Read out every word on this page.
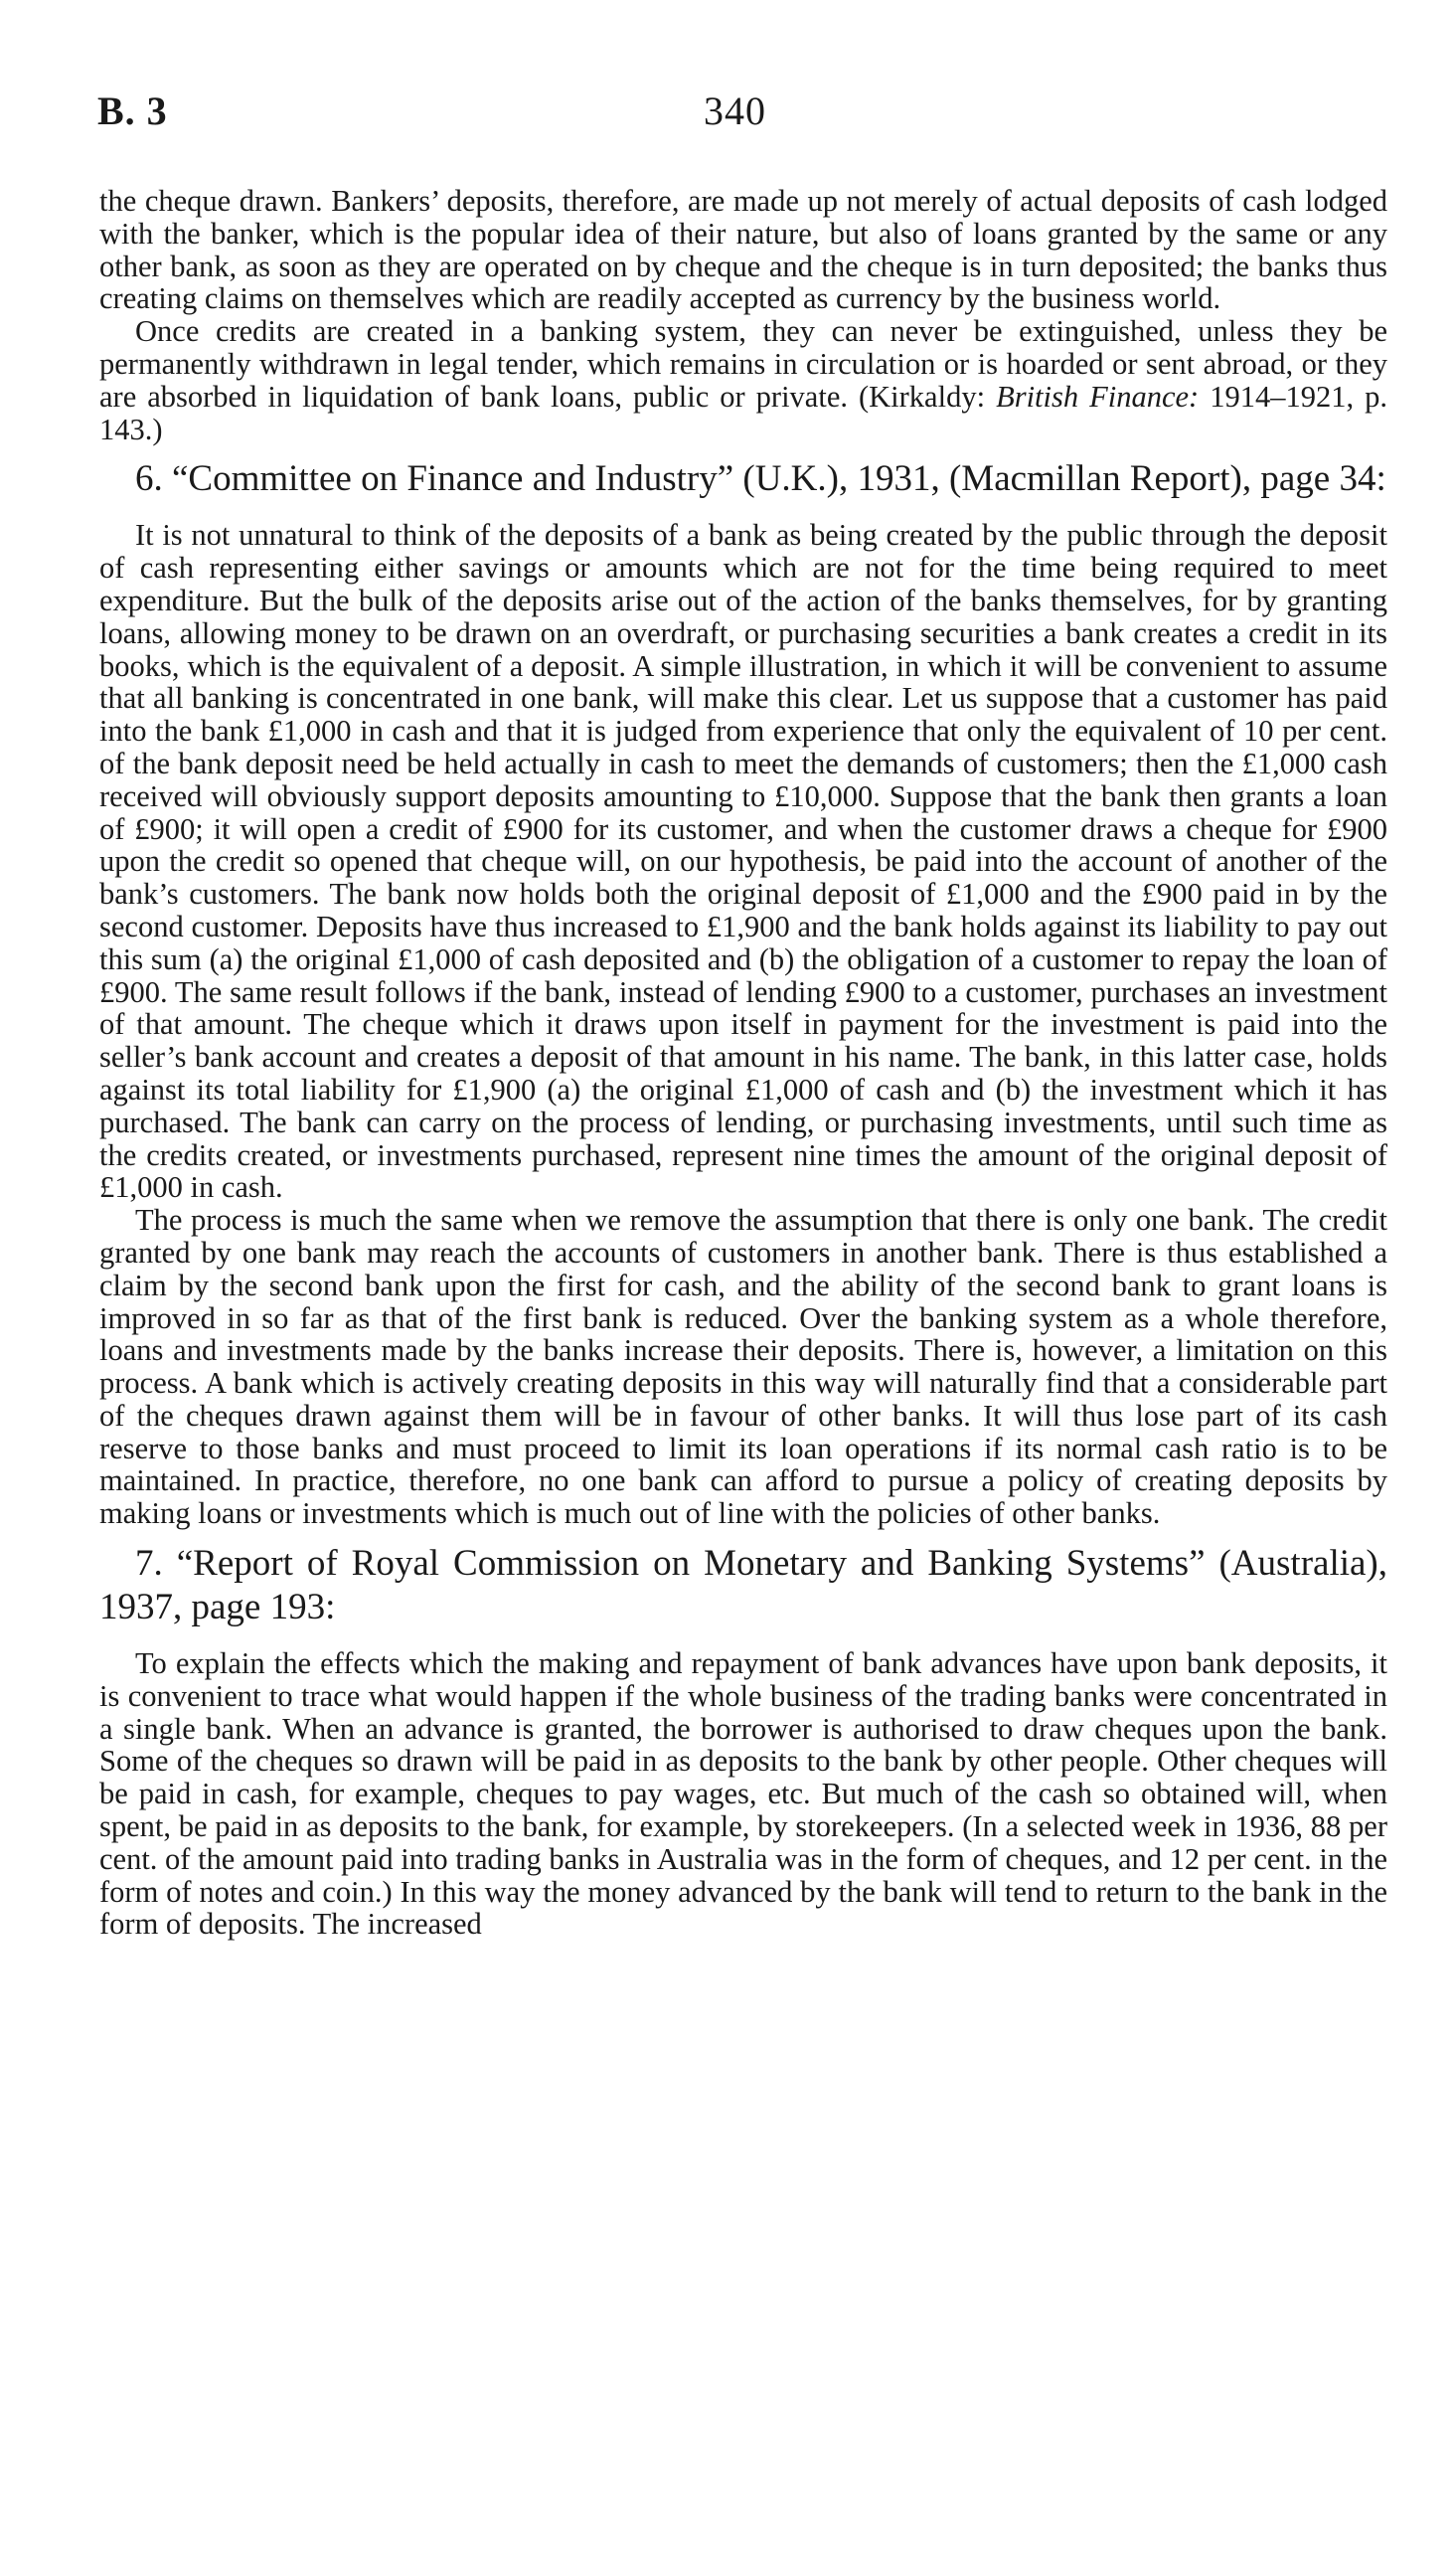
B. 3	340

the cheque drawn. Bankers’ deposits, therefore, are made up not merely of actual deposits of cash lodged with the banker, which is the popular idea of their nature, but also of loans granted by the same or any other bank, as soon as they are operated on by cheque and the cheque is in turn deposited; the banks thus creating claims on themselves which are readily accepted as currency by the business world.

Once credits are created in a banking system, they can never be extinguished, unless they be permanently withdrawn in legal tender, which remains in circulation or is hoarded or sent abroad, or they are absorbed in liquidation of bank loans, public or private. (Kirkaldy: British Finance: 1914–1921, p. 143.)

6. “Committee on Finance and Industry” (U.K.), 1931, (Macmillan Report), page 34:

It is not unnatural to think of the deposits of a bank as being created by the public through the deposit of cash representing either savings or amounts which are not for the time being required to meet expenditure. But the bulk of the deposits arise out of the action of the banks themselves, for by granting loans, allowing money to be drawn on an overdraft, or purchasing securities a bank creates a credit in its books, which is the equivalent of a deposit. A simple illustration, in which it will be convenient to assume that all banking is concentrated in one bank, will make this clear. Let us suppose that a customer has paid into the bank £1,000 in cash and that it is judged from experience that only the equivalent of 10 per cent. of the bank deposit need be held actually in cash to meet the demands of customers; then the £1,000 cash received will obviously support deposits amounting to £10,000. Suppose that the bank then grants a loan of £900; it will open a credit of £900 for its customer, and when the customer draws a cheque for £900 upon the credit so opened that cheque will, on our hypothesis, be paid into the account of another of the bank’s customers. The bank now holds both the original deposit of £1,000 and the £900 paid in by the second customer. Deposits have thus increased to £1,900 and the bank holds against its liability to pay out this sum (a) the original £1,000 of cash deposited and (b) the obligation of a customer to repay the loan of £900. The same result follows if the bank, instead of lending £900 to a customer, purchases an investment of that amount. The cheque which it draws upon itself in payment for the investment is paid into the seller’s bank account and creates a deposit of that amount in his name. The bank, in this latter case, holds against its total liability for £1,900 (a) the original £1,000 of cash and (b) the investment which it has purchased. The bank can carry on the process of lending, or purchasing investments, until such time as the credits created, or investments purchased, represent nine times the amount of the original deposit of £1,000 in cash.

The process is much the same when we remove the assumption that there is only one bank. The credit granted by one bank may reach the accounts of customers in another bank. There is thus established a claim by the second bank upon the first for cash, and the ability of the second bank to grant loans is improved in so far as that of the first bank is reduced. Over the banking system as a whole therefore, loans and investments made by the banks increase their deposits. There is, however, a limitation on this process. A bank which is actively creating deposits in this way will naturally find that a considerable part of the cheques drawn against them will be in favour of other banks. It will thus lose part of its cash reserve to those banks and must proceed to limit its loan operations if its normal cash ratio is to be maintained. In practice, therefore, no one bank can afford to pursue a policy of creating deposits by making loans or investments which is much out of line with the policies of other banks.

7. “Report of Royal Commission on Monetary and Banking Systems” (Australia), 1937, page 193:

To explain the effects which the making and repayment of bank advances have upon bank deposits, it is convenient to trace what would happen if the whole business of the trading banks were concentrated in a single bank. When an advance is granted, the borrower is authorised to draw cheques upon the bank. Some of the cheques so drawn will be paid in as deposits to the bank by other people. Other cheques will be paid in cash, for example, cheques to pay wages, etc. But much of the cash so obtained will, when spent, be paid in as deposits to the bank, for example, by storekeepers. (In a selected week in 1936, 88 per cent. of the amount paid into trading banks in Australia was in the form of cheques, and 12 per cent. in the form of notes and coin.) In this way the money advanced by the bank will tend to return to the bank in the form of deposits. The increased
